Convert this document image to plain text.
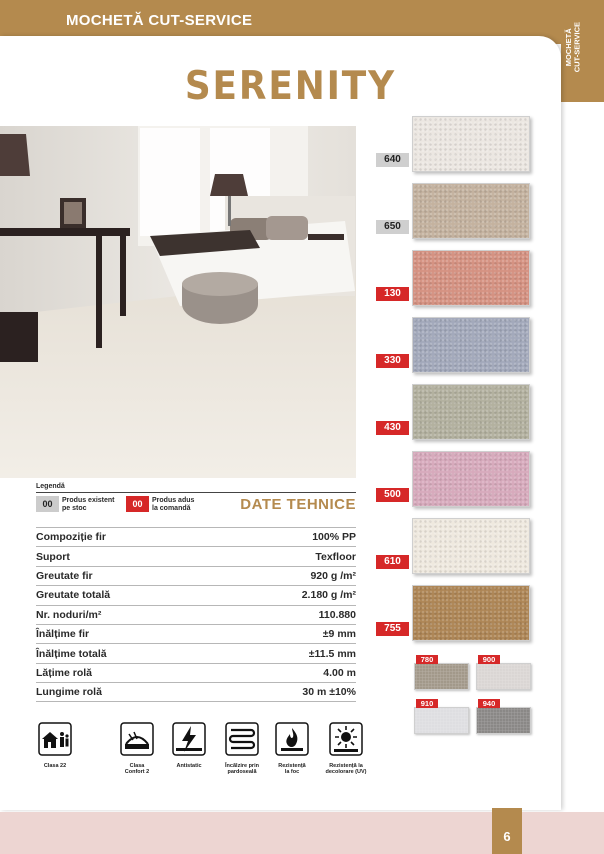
MOCHETĂ CUT-SERVICE
MOCHETĂ
CUT-SERVICE
SERENITY
Legendă
00	Produs existent
pe stoc	00	Produs adus
la comandă	DATE TEHNICE
Compoziție fir	100% PP
Suport	Texfloor
Greutate fir	920 g /m²
Greutate totală	2.180 g /m²
Nr. noduri/m²	110.880
Înălțime fir	±9 mm
Înălțime totală	±11.5 mm
Lățime rolă	4.00 m
Lungime rolă	30 m ±10%
Clasa 22	Clasa
Confort 2
Antistatic	Încălzire prin
pardoseală
Rezistență
la foc
Rezistență la
decolorare (UV)
640
650
130
330
430
500
610
755
780	900
910	940
6
